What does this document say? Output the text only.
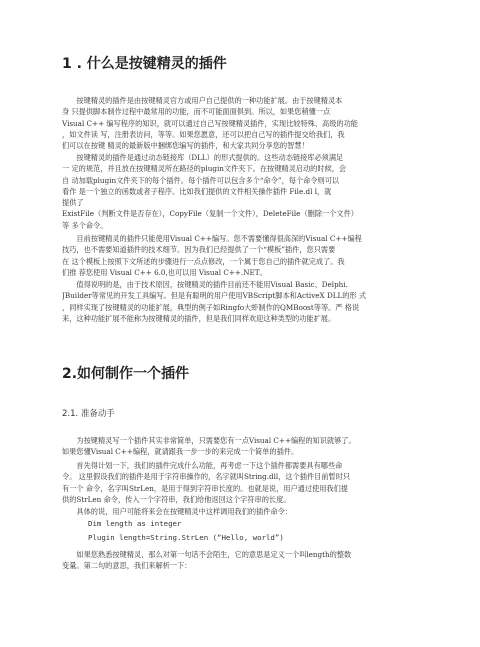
1 . 什么是按键精灵的插件
　　按键精灵的插件是由按键精灵官方或用户自己提供的一种功能扩展。由于按键精灵本
身 只提供脚本制作过程中最常用的功能，而不可能面面俱到。所以，如果您稍懂一点
Visual C++ 编写程序的知识，就可以通过自己写按键精灵插件，实现比较特殊、高级的功能
，如文件读 写，注册表访问，等等。如果您愿意，还可以把自己写的插件提交给我们，我
们可以在按键 精灵的最新版中捆绑您编写的插件，和大家共同分享您的智慧！
　　按键精灵的插件是通过动态链接库（DLL）的形式提供的。这些动态链接库必须满足
一 定的规范，并且放在按键精灵所在路径的plugin文件夹下。在按键精灵启动的时候，会
自 动加载plugin文件夹下的每个插件。每个插件可以包含多个“命令”，每个命令则可以
看作 是一个独立的函数或者子程序。比如我们提供的文件相关操作插件 File.dl l，就
提供了
ExistFile（判断文件是否存在），CopyFile（复制一个文件），DeleteFile（删除一个文件）
等 多个命令。
　　目前按键精灵的插件只能使用Visual C++编写。您不需要懂得很高深的Visual C++编程
技巧，也不需要知道插件的技术细节。因为我们已经提供了一个“模板”插件，您只需要
在 这个模板上按照下文所述的步骤进行一点点修改，一个属于您自己的插件就完成了。我
们推 荐您使用 Visual C++ 6.0,也可以用 Visual C++.NET。
　　值得说明的是，由于技术原因，按键精灵的插件目前还不能用Visual Basic、Delphi.
JBuilder等常见的开发工具编写。但是有聪明的用户使用VBScript脚本和ActiveX DLL的形 式
，同样实现了按键精灵的功能扩展，典型的例子如Ringfo大虾制作的QMBoost等等。严 格说
来，这种功能扩展不能称为按键精灵的插件，但是我们同样欢迎这种类型的功能扩展。
2.如何制作一个插件
2.1. 准备动手
　　为按键精灵写一个插件其实非常简单，只需要您有一点Visual C++编程的知识就够了。
如果您懂Visual C++编程，就请跟我一步一步的来完成一个简单的插件。
　　首先得计划一下，我们的插件完成什么功能，再考虑一下这个插件都需要具有哪些命
令。 这里假设我们的插件是用于字符串操作的，名字就叫String.dll，这个插件目前暂时只
有一个 命令，名字叫StrLen，是用于得到字符串长度的。也就是说，用户通过使用我们提
供的StrLen 命令，传入一个字符串，我们给他返回这个字符串的长度。
　　具体的说，用户可能将来会在按键精灵中这样调用我们的插件命令：
Dim length as integer
Plugin length=String.StrLen (“Hello, world”)
　　如果您熟悉按键精灵，那么对第一句话不会陌生，它的意思是定义一个叫length的整数
变量。第二句的意思，我们来解析一下：
